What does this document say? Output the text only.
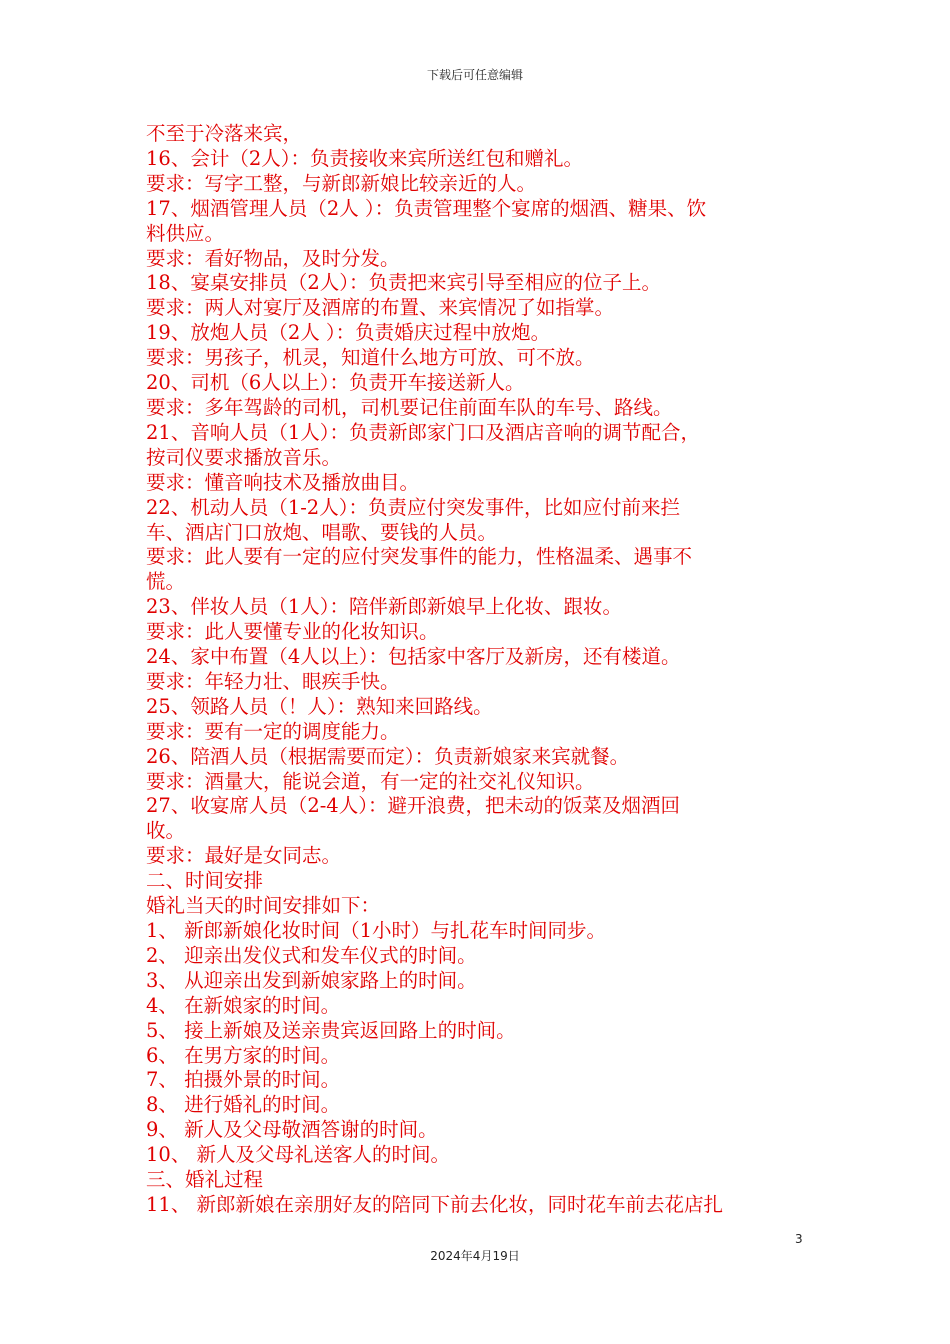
下载后可任意编辑
不至于冷落来宾，
16、会计（2人）：负责接收来宾所送红包和赠礼。
要求：写字工整，与新郎新娘比较亲近的人。
17、烟酒管理人员（2人 ）：负责管理整个宴席的烟酒、糖果、饮
料供应。
要求：看好物品，及时分发。
18、宴桌安排员（2人）：负责把来宾引导至相应的位子上。
要求：两人对宴厅及酒席的布置、来宾情况了如指掌。
19、放炮人员（2人 ）：负责婚庆过程中放炮。
要求：男孩子，机灵，知道什么地方可放、可不放。
20、司机（6人以上）：负责开车接送新人。
要求：多年驾龄的司机，司机要记住前面车队的车号、路线。
21、音响人员（1人）：负责新郎家门口及酒店音响的调节配合，
按司仪要求播放音乐。
要求：懂音响技术及播放曲目。
22、机动人员（1-2人）：负责应付突发事件，比如应付前来拦
车、酒店门口放炮、唱歌、要钱的人员。
要求：此人要有一定的应付突发事件的能力，性格温柔、遇事不
慌。
23、伴妆人员（1人）：陪伴新郎新娘早上化妆、跟妆。
要求：此人要懂专业的化妆知识。
24、家中布置（4人以上）：包括家中客厅及新房，还有楼道。
要求：年轻力壮、眼疾手快。
25、领路人员（！人）：熟知来回路线。
要求：要有一定的调度能力。
26、陪酒人员（根据需要而定）：负责新娘家来宾就餐。
要求：酒量大，能说会道，有一定的社交礼仪知识。
27、收宴席人员（2-4人）：避开浪费，把未动的饭菜及烟酒回
收。
要求：最好是女同志。
二、时间安排
婚礼当天的时间安排如下：
1、 新郎新娘化妆时间（1小时）与扎花车时间同步。
2、 迎亲出发仪式和发车仪式的时间。
3、 从迎亲出发到新娘家路上的时间。
4、 在新娘家的时间。
5、 接上新娘及送亲贵宾返回路上的时间。
6、 在男方家的时间。
7、 拍摄外景的时间。
8、 进行婚礼的时间。
9、 新人及父母敬酒答谢的时间。
10、 新人及父母礼送客人的时间。
三、婚礼过程
11、 新郎新娘在亲朋好友的陪同下前去化妆，同时花车前去花店扎
3
2024年4月19日
